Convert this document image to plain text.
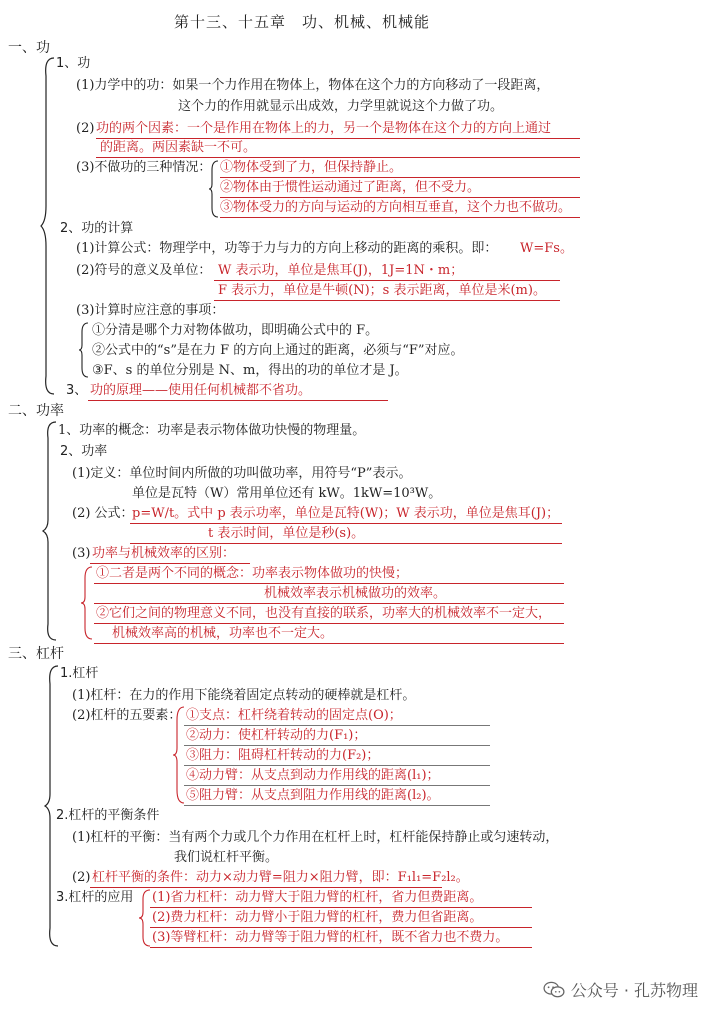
第十三、十五章　功、机械、机械能
一、功
1、功
(1)力学中的功：如果一个力作用在物体上，物体在这个力的方向移动了一段距离，
这个力的作用就显示出成效，力学里就说这个力做了功。
(2) 功的两个因素：一个是作用在物体上的力，另一个是物体在这个力的方向上通过
的距离。两因素缺一不可。
(3)不做功的三种情况： ①物体受到了力，但保持静止。
②物体由于惯性运动通过了距离，但不受力。
③物体受力的方向与运动的方向相互垂直，这个力也不做功。
2、功的计算
(1)计算公式：物理学中，功等于力与力的方向上移动的距离的乘积。即： W=Fs。
(2)符号的意义及单位： W 表示功，单位是焦耳(J)，1J=1N・m；
F 表示力，单位是牛顿(N)；s 表示距离，单位是米(m)。
(3)计算时应注意的事项：
①分清是哪个力对物体做功，即明确公式中的 F。
②公式中的“s”是在力 F 的方向上通过的距离，必须与“F”对应。
③F、s 的单位分别是 N、m，得出的功的单位才是 J。
3、 功的原理——使用任何机械都不省功。
二、功率
1、功率的概念：功率是表示物体做功快慢的物理量。
2、功率
(1)定义：单位时间内所做的功叫做功率，用符号“P”表示。
单位是瓦特（W）常用单位还有 kW。1kW=10³W。
(2) 公式：
p=W/t。式中 p 表示功率，单位是瓦特(W)；W 表示功，单位是焦耳(J)；
t 表示时间，单位是秒(s)。
(3) 功率与机械效率的区别：
①二者是两个不同的概念：功率表示物体做功的快慢；
机械效率表示机械做功的效率。
②它们之间的物理意义不同，也没有直接的联系，功率大的机械效率不一定大，
机械效率高的机械，功率也不一定大。
三、杠杆
1.杠杆
(1)杠杆：在力的作用下能绕着固定点转动的硬棒就是杠杆。
(2)杠杆的五要素： ①支点：杠杆绕着转动的固定点(O)；
②动力：使杠杆转动的力(F₁)；
③阻力：阻碍杠杆转动的力(F₂)；
④动力臂：从支点到动力作用线的距离(l₁)；
⑤阻力臂：从支点到阻力作用线的距离(l₂)。
2.杠杆的平衡条件
(1)杠杆的平衡：当有两个力或几个力作用在杠杆上时，杠杆能保持静止或匀速转动，
我们说杠杆平衡。
(2) 杠杆平衡的条件：动力×动力臂=阻力×阻力臂，即：F₁l₁=F₂l₂。
3.杠杆的应用 (1)省力杠杆：动力臂大于阻力臂的杠杆，省力但费距离。
(2)费力杠杆：动力臂小于阻力臂的杠杆，费力但省距离。
(3)等臂杠杆：动力臂等于阻力臂的杠杆，既不省力也不费力。
公众号 · 孔苏物理
